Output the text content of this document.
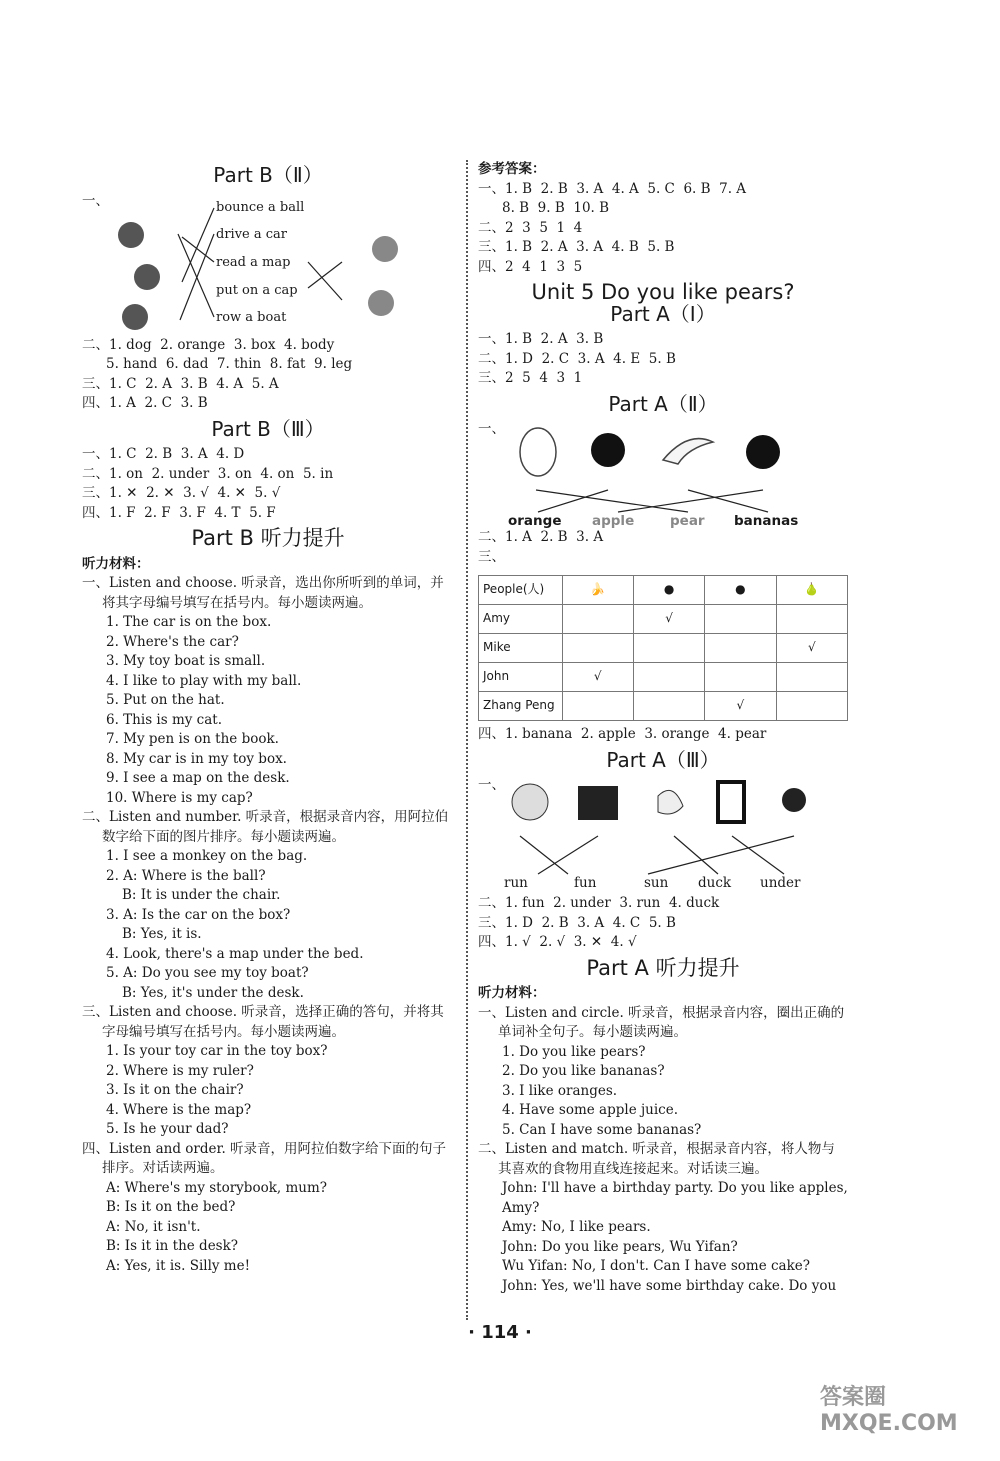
Part B（Ⅱ）
一、	bounce a ball
drive a car
read a map
put on a cap
row a boat
二、1. dog  2. orange  3. box  4. body
5. hand  6. dad  7. thin  8. fat  9. leg
三、1. C  2. A  3. B  4. A  5. A
四、1. A  2. C  3. B
Part B（Ⅲ）
一、1. C  2. B  3. A  4. D
二、1. on  2. under  3. on  4. on  5. in
三、1. ✕  2. ✕  3. √  4. ✕  5. √
四、1. F  2. F  3. F  4. T  5. F
Part B 听力提升
听力材料：
一、Listen and choose. 听录音，选出你所听到的单词，并将其字母编号填写在括号内。每小题读两遍。
1. The car is on the box.
2. Where's the car?
3. My toy boat is small.
4. I like to play with my ball.
5. Put on the hat.
6. This is my cat.
7. My pen is on the book.
8. My car is in my toy box.
9. I see a map on the desk.
10. Where is my cap?
二、Listen and number. 听录音，根据录音内容，用阿拉伯数字给下面的图片排序。每小题读两遍。
1. I see a monkey on the bag.
2. A: Where is the ball?
B: It is under the chair.
3. A: Is the car on the box?
B: Yes, it is.
4. Look, there's a map under the bed.
5. A: Do you see my toy boat?
B: Yes, it's under the desk.
三、Listen and choose. 听录音，选择正确的答句，并将其字母编号填写在括号内。每小题读两遍。
1. Is your toy car in the toy box?
2. Where is my ruler?
3. Is it on the chair?
4. Where is the map?
5. Is he your dad?
四、Listen and order. 听录音，用阿拉伯数字给下面的句子排序。对话读两遍。
A: Where's my storybook, mum?
B: Is it on the bed?
A: No, it isn't.
B: Is it in the desk?
A: Yes, it is. Silly me!
参考答案：
一、1. B  2. B  3. A  4. A  5. C  6. B  7. A
8. B  9. B  10. B
二、2  3  5  1  4
三、1. B  2. A  3. A  4. B  5. B
四、2  4  1  3  5
Unit 5 Do you like pears?
Part A（Ⅰ）
一、1. B  2. A  3. B
二、1. D  2. C  3. A  4. E  5. B
三、2  5  4  3  1
Part A（Ⅱ）
一、
orange apple	pear bananas
二、1. A  2. B  3. A
三、
People(人)	🍌	●	●	🍐
Amy		√		
Mike				√
John	√			
Zhang Peng			√	
四、1. banana  2. apple  3. orange  4. pear
Part A（Ⅲ）
一、
run	fun	sun duck under
二、1. fun  2. under  3. run  4. duck
三、1. D  2. B  3. A  4. C  5. B
四、1. √  2. √  3. ✕  4. √
Part A 听力提升
听力材料：
一、Listen and circle. 听录音，根据录音内容，圈出正确的单词补全句子。每小题读两遍。
1. Do you like pears?
2. Do you like bananas?
3. I like oranges.
4. Have some apple juice.
5. Can I have some bananas?
二、Listen and match. 听录音，根据录音内容，将人物与其喜欢的食物用直线连接起来。对话读三遍。
John: I'll have a birthday party. Do you like apples, Amy?
Amy: No, I like pears.
John: Do you like pears, Wu Yifan?
Wu Yifan: No, I don't. Can I have some cake?
John: Yes, we'll have some birthday cake. Do you
· 114 ·
答案圈 MXQE.COM
